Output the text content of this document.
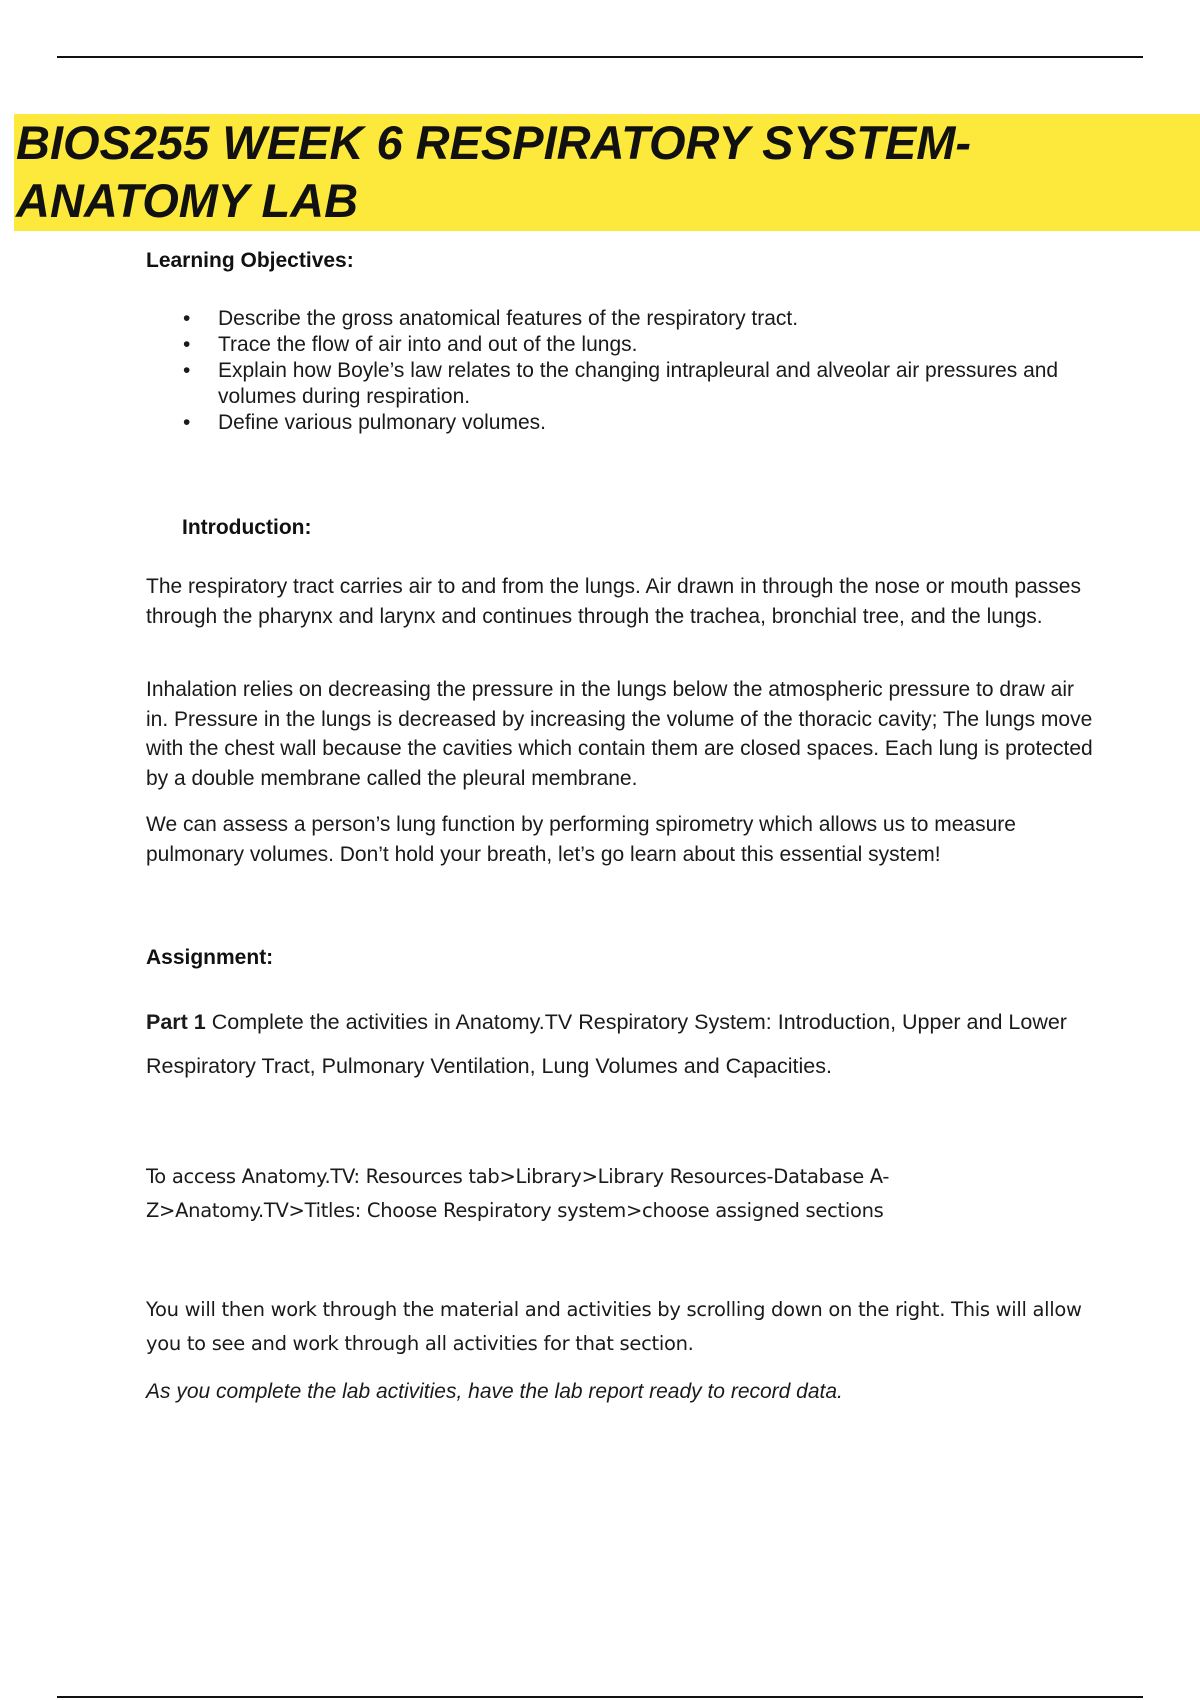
BIOS255 WEEK 6 RESPIRATORY SYSTEM-ANATOMY LAB
Learning Objectives:
• Describe the gross anatomical features of the respiratory tract.
• Trace the flow of air into and out of the lungs.
• Explain how Boyle’s law relates to the changing intrapleural and alveolar air pressures and volumes during respiration.
• Define various pulmonary volumes.
Introduction:

The respiratory tract carries air to and from the lungs. Air drawn in through the nose or mouth passes through the pharynx and larynx and continues through the trachea, bronchial tree, and the lungs.

Inhalation relies on decreasing the pressure in the lungs below the atmospheric pressure to draw air in. Pressure in the lungs is decreased by increasing the volume of the thoracic cavity; The lungs move with the chest wall because the cavities which contain them are closed spaces. Each lung is protected by a double membrane called the pleural membrane.

We can assess a person’s lung function by performing spirometry which allows us to measure pulmonary volumes. Don’t hold your breath, let’s go learn about this essential system!

Assignment:

Part 1 Complete the activities in Anatomy.TV Respiratory System: Introduction, Upper and Lower Respiratory Tract, Pulmonary Ventilation, Lung Volumes and Capacities.

To access Anatomy.TV: Resources tab>Library>Library Resources-Database A-Z>Anatomy.TV>Titles: Choose Respiratory system>choose assigned sections

You will then work through the material and activities by scrolling down on the right. This will allow you to see and work through all activities for that section.

As you complete the lab activities, have the lab report ready to record data.
